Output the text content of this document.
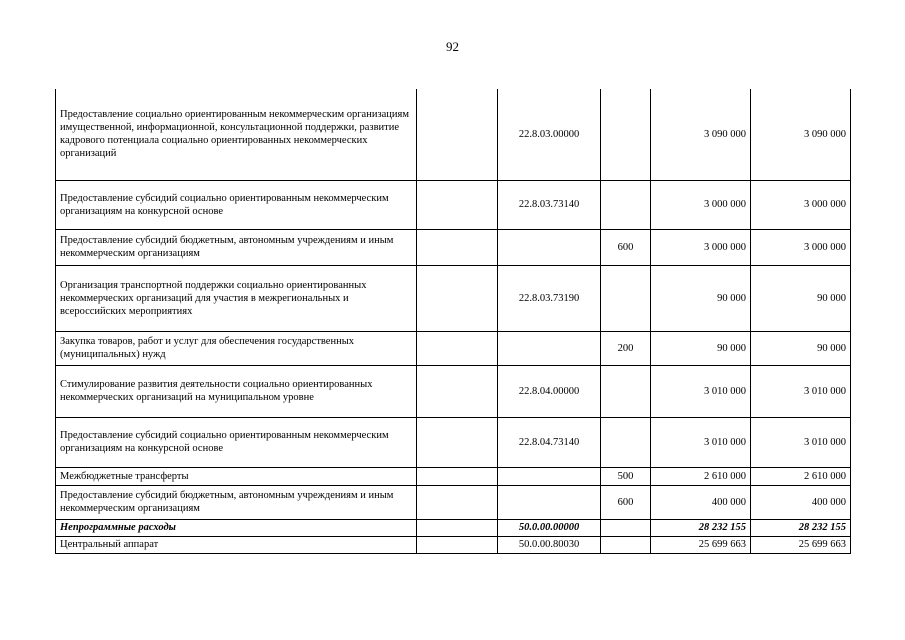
92
Предоставление социально ориентированным некоммерческим организациям имущественной, информационной, консультационной поддержки, развитие кадрового потенциала социально ориентированных некоммерческих организаций		22.8.03.00000		3 090 000	3 090 000
Предоставление субсидий социально ориентированным некоммерческим организациям на конкурсной основе		22.8.03.73140		3 000 000	3 000 000
Предоставление субсидий бюджетным, автономным учреждениям и иным некоммерческим организациям			600	3 000 000	3 000 000
Организация транспортной поддержки социально ориентированных некоммерческих организаций для участия в межрегиональных и всероссийских мероприятиях		22.8.03.73190		90 000	90 000
Закупка товаров, работ и услуг для обеспечения государственных (муниципальных) нужд			200	90 000	90 000
Стимулирование развития деятельности социально ориентированных некоммерческих организаций на муниципальном уровне		22.8.04.00000		3 010 000	3 010 000
Предоставление субсидий социально ориентированным некоммерческим организациям на конкурсной основе		22.8.04.73140		3 010 000	3 010 000
Межбюджетные трансферты			500	2 610 000	2 610 000
Предоставление субсидий бюджетным, автономным учреждениям и иным некоммерческим организациям			600	400 000	400 000
Непрограммные расходы		50.0.00.00000		28 232 155	28 232 155
Центральный аппарат		50.0.00.80030		25 699 663	25 699 663
